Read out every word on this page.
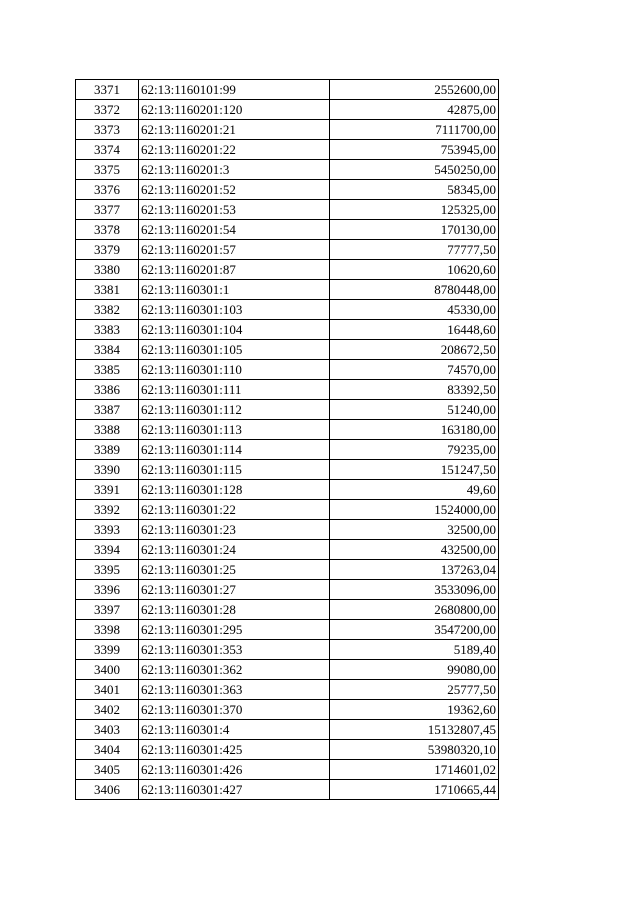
3371	62:13:1160101:99	2552600,00
3372	62:13:1160201:120	42875,00
3373	62:13:1160201:21	7111700,00
3374	62:13:1160201:22	753945,00
3375	62:13:1160201:3	5450250,00
3376	62:13:1160201:52	58345,00
3377	62:13:1160201:53	125325,00
3378	62:13:1160201:54	170130,00
3379	62:13:1160201:57	77777,50
3380	62:13:1160201:87	10620,60
3381	62:13:1160301:1	8780448,00
3382	62:13:1160301:103	45330,00
3383	62:13:1160301:104	16448,60
3384	62:13:1160301:105	208672,50
3385	62:13:1160301:110	74570,00
3386	62:13:1160301:111	83392,50
3387	62:13:1160301:112	51240,00
3388	62:13:1160301:113	163180,00
3389	62:13:1160301:114	79235,00
3390	62:13:1160301:115	151247,50
3391	62:13:1160301:128	49,60
3392	62:13:1160301:22	1524000,00
3393	62:13:1160301:23	32500,00
3394	62:13:1160301:24	432500,00
3395	62:13:1160301:25	137263,04
3396	62:13:1160301:27	3533096,00
3397	62:13:1160301:28	2680800,00
3398	62:13:1160301:295	3547200,00
3399	62:13:1160301:353	5189,40
3400	62:13:1160301:362	99080,00
3401	62:13:1160301:363	25777,50
3402	62:13:1160301:370	19362,60
3403	62:13:1160301:4	15132807,45
3404	62:13:1160301:425	53980320,10
3405	62:13:1160301:426	1714601,02
3406	62:13:1160301:427	1710665,44
